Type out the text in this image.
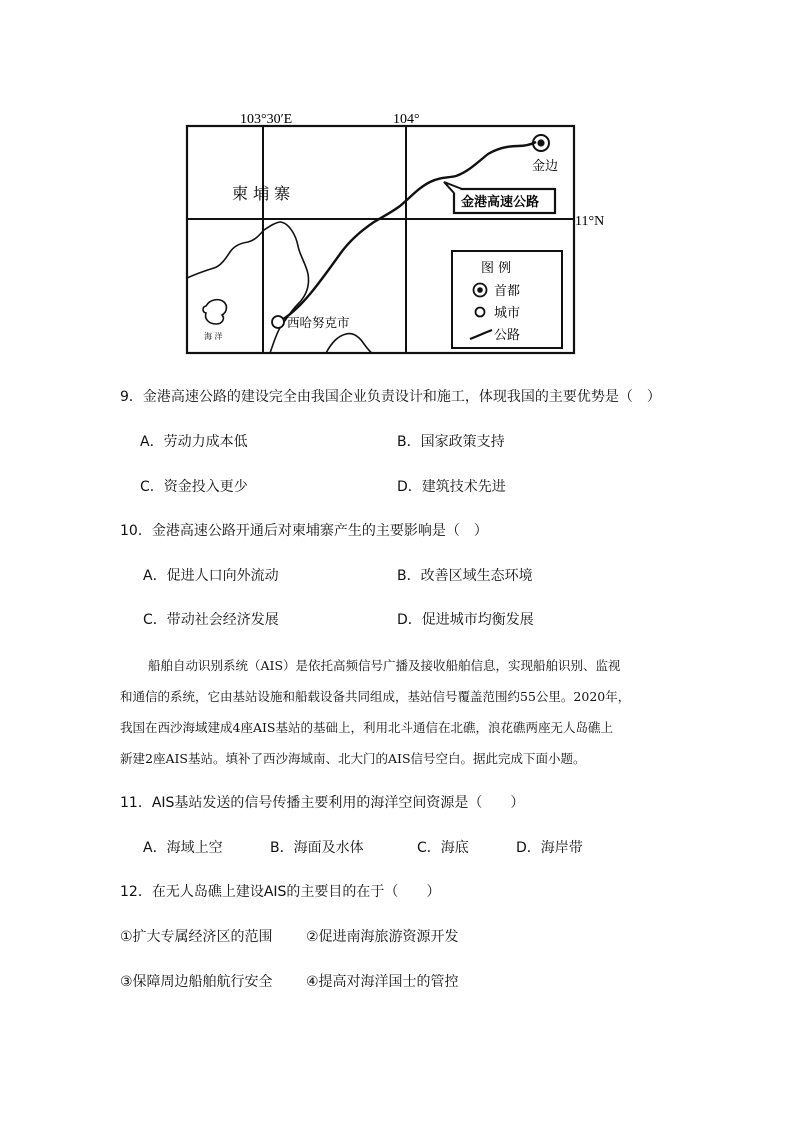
103°30′E	104°
11°N
柬 埔 寨
海 洋
金边
西哈努克市
金港高速公路
图 例
首都
城市
公路
9．金港高速公路的建设完全由我国企业负责设计和施工，体现我国的主要优势是（　）
A．劳动力成本低	B．国家政策支持
C．资金投入更少	D．建筑技术先进
10．金港高速公路开通后对柬埔寨产生的主要影响是（　）
A．促进人口向外流动	B．改善区域生态环境
C．带动社会经济发展	D．促进城市均衡发展
船舶自动识别系统（AIS）是依托高频信号广播及接收船舶信息，实现船舶识别、监视
和通信的系统，它由基站设施和船载设备共同组成，基站信号覆盖范围约55公里。2020年，
我国在西沙海域建成4座AIS基站的基础上，利用北斗通信在北礁，浪花礁两座无人岛礁上
新建2座AIS基站。填补了西沙海域南、北大门的AIS信号空白。据此完成下面小题。
11．AIS基站发送的信号传播主要利用的海洋空间资源是（　　）
A．海域上空	B．海面及水体	C．海底	D．海岸带
12．在无人岛礁上建设AIS的主要目的在于（　　）
①扩大专属经济区的范围 ②促进南海旅游资源开发
③保障周边船舶航行安全 ④提高对海洋国士的管控
